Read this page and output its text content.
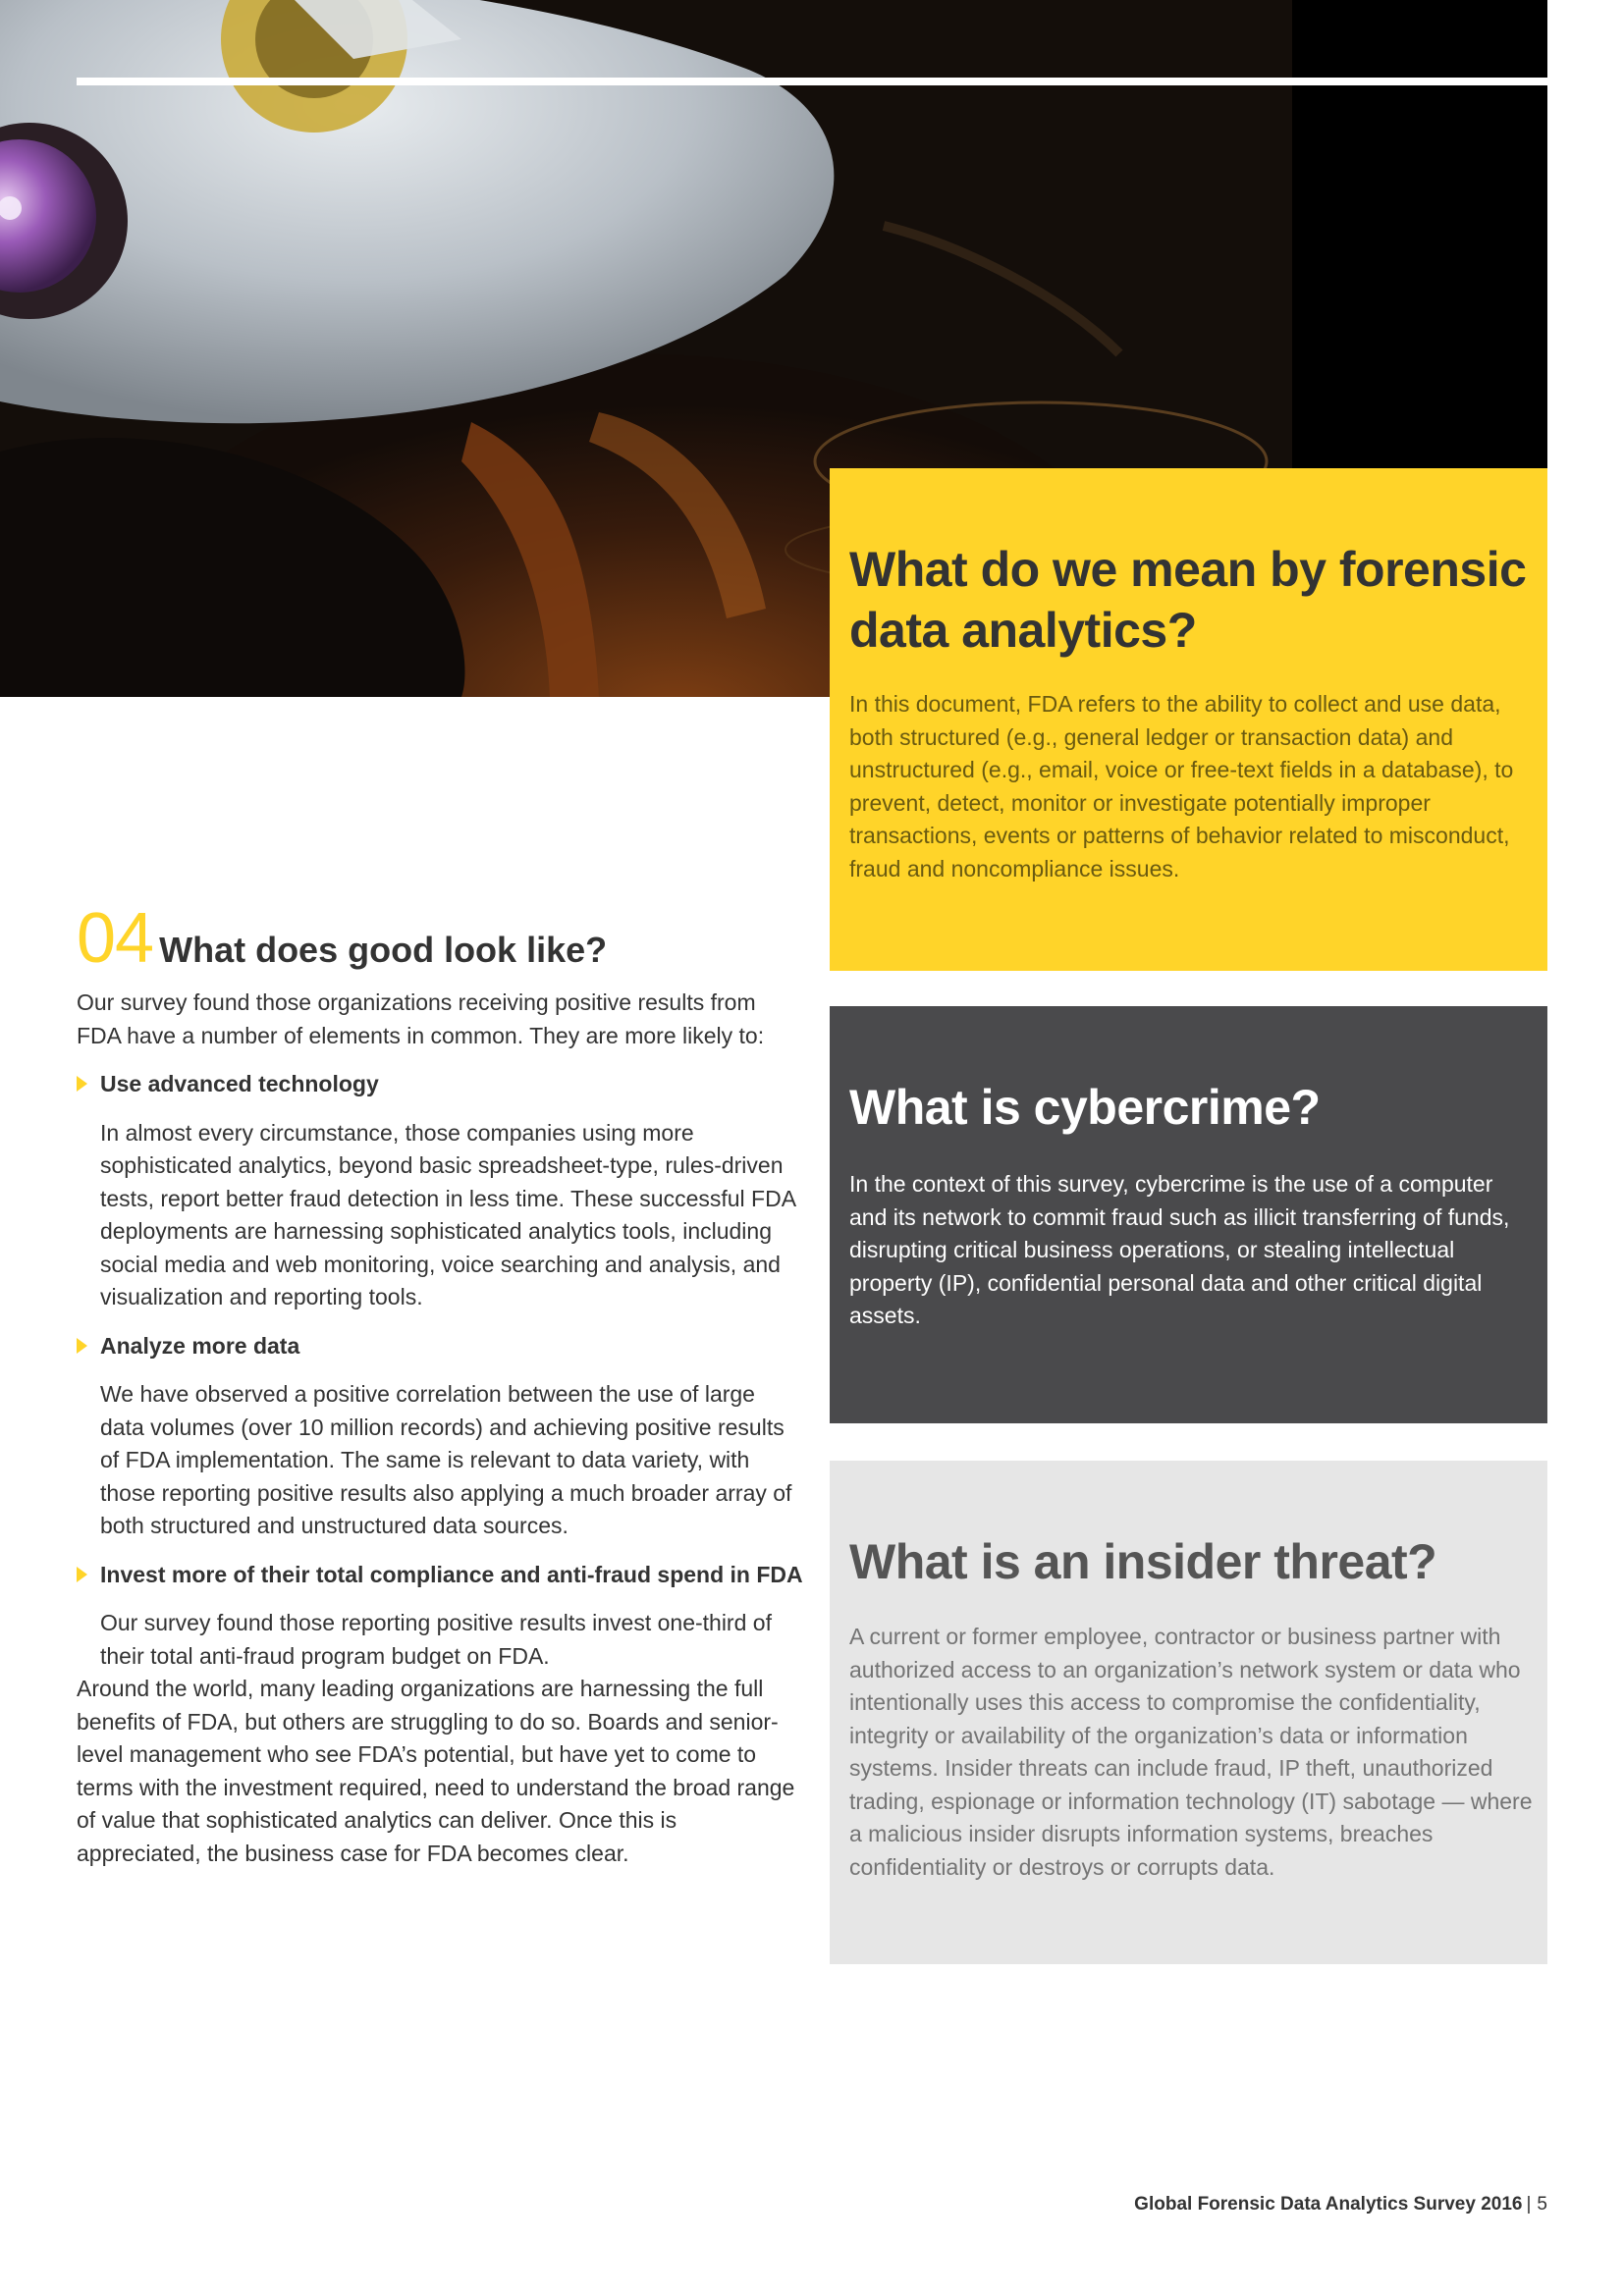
What do we mean by forensic data analytics?

In this document, FDA refers to the ability to collect and use data, both structured (e.g., general ledger or transaction data) and unstructured (e.g., email, voice or free-text fields in a database), to prevent, detect, monitor or investigate potentially improper transactions, events or patterns of behavior related to misconduct, fraud and noncompliance issues.

What is cybercrime?

In the context of this survey, cybercrime is the use of a computer and its network to commit fraud such as illicit transferring of funds, disrupting critical business operations, or stealing intellectual property (IP), confidential personal data and other critical digital assets.

What is an insider threat?

A current or former employee, contractor or business partner with authorized access to an organization’s network system or data who intentionally uses this access to compromise the confidentiality, integrity or availability of the organization’s data or information systems. Insider threats can include fraud, IP theft, unauthorized trading, espionage or information technology (IT) sabotage — where a malicious insider disrupts information systems, breaches confidentiality or destroys or corrupts data.

04 What does good look like?

Our survey found those organizations receiving positive results from FDA have a number of elements in common. They are more likely to:

Use advanced technology
In almost every circumstance, those companies using more sophisticated analytics, beyond basic spreadsheet-type, rules-driven tests, report better fraud detection in less time. These successful FDA deployments are harnessing sophisticated analytics tools, including social media and web monitoring, voice searching and analysis, and visualization and reporting tools.
Analyze more data
We have observed a positive correlation between the use of large data volumes (over 10 million records) and achieving positive results of FDA implementation. The same is relevant to data variety, with those reporting positive results also applying a much broader array of both structured and unstructured data sources.
Invest more of their total compliance and anti-fraud spend in FDA
Our survey found those reporting positive results invest one-third of their total anti-fraud program budget on FDA.

Around the world, many leading organizations are harnessing the full benefits of FDA, but others are struggling to do so. Boards and senior-level management who see FDA’s potential, but have yet to come to terms with the investment required, need to understand the broad range of value that sophisticated analytics can deliver. Once this is appreciated, the business case for FDA becomes clear.

Global Forensic Data Analytics Survey 2016 | 5
